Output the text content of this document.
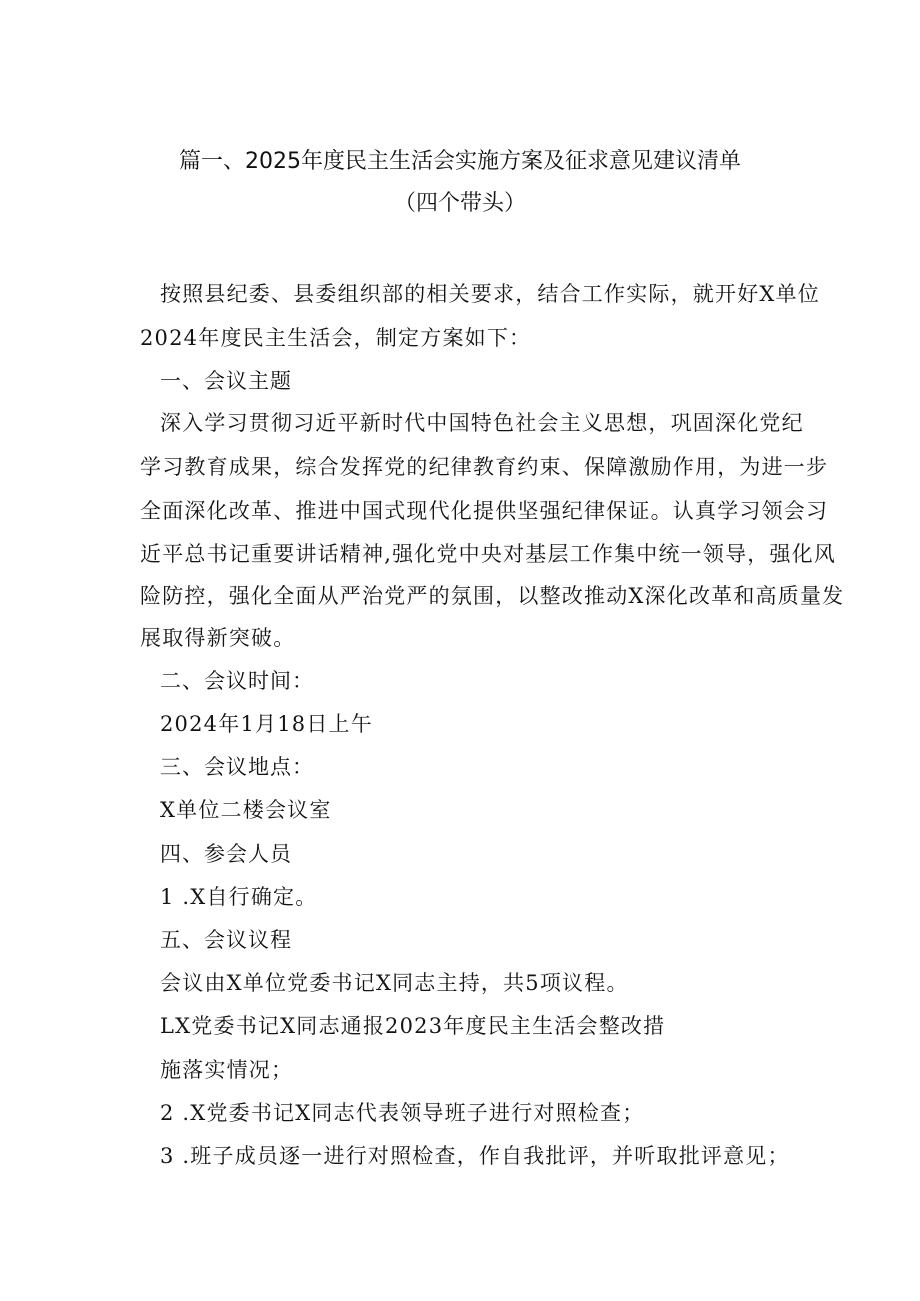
篇一、2025年度民主生活会实施方案及征求意见建议清单
（四个带头）
按照县纪委、县委组织部的相关要求，结合工作实际，就开好X单位
2024年度民主生活会，制定方案如下：
一、会议主题
深入学习贯彻习近平新时代中国特色社会主义思想，巩固深化党纪
学习教育成果，综合发挥党的纪律教育约束、保障激励作用，为进一步
全面深化改革、推进中国式现代化提供坚强纪律保证。认真学习领会习
近平总书记重要讲话精神,强化党中央对基层工作集中统一领导，强化风
险防控，强化全面从严治党严的氛围，以整改推动X深化改革和高质量发
展取得新突破。
二、会议时间：
2024年1月18日上午
三、会议地点：
X单位二楼会议室
四、参会人员
1 .X自行确定。
五、会议议程
会议由X单位党委书记X同志主持，共5项议程。
LX党委书记X同志通报2023年度民主生活会整改措
施落实情况；
2 .X党委书记X同志代表领导班子进行对照检查；
3 .班子成员逐一进行对照检查，作自我批评，并听取批评意见；
